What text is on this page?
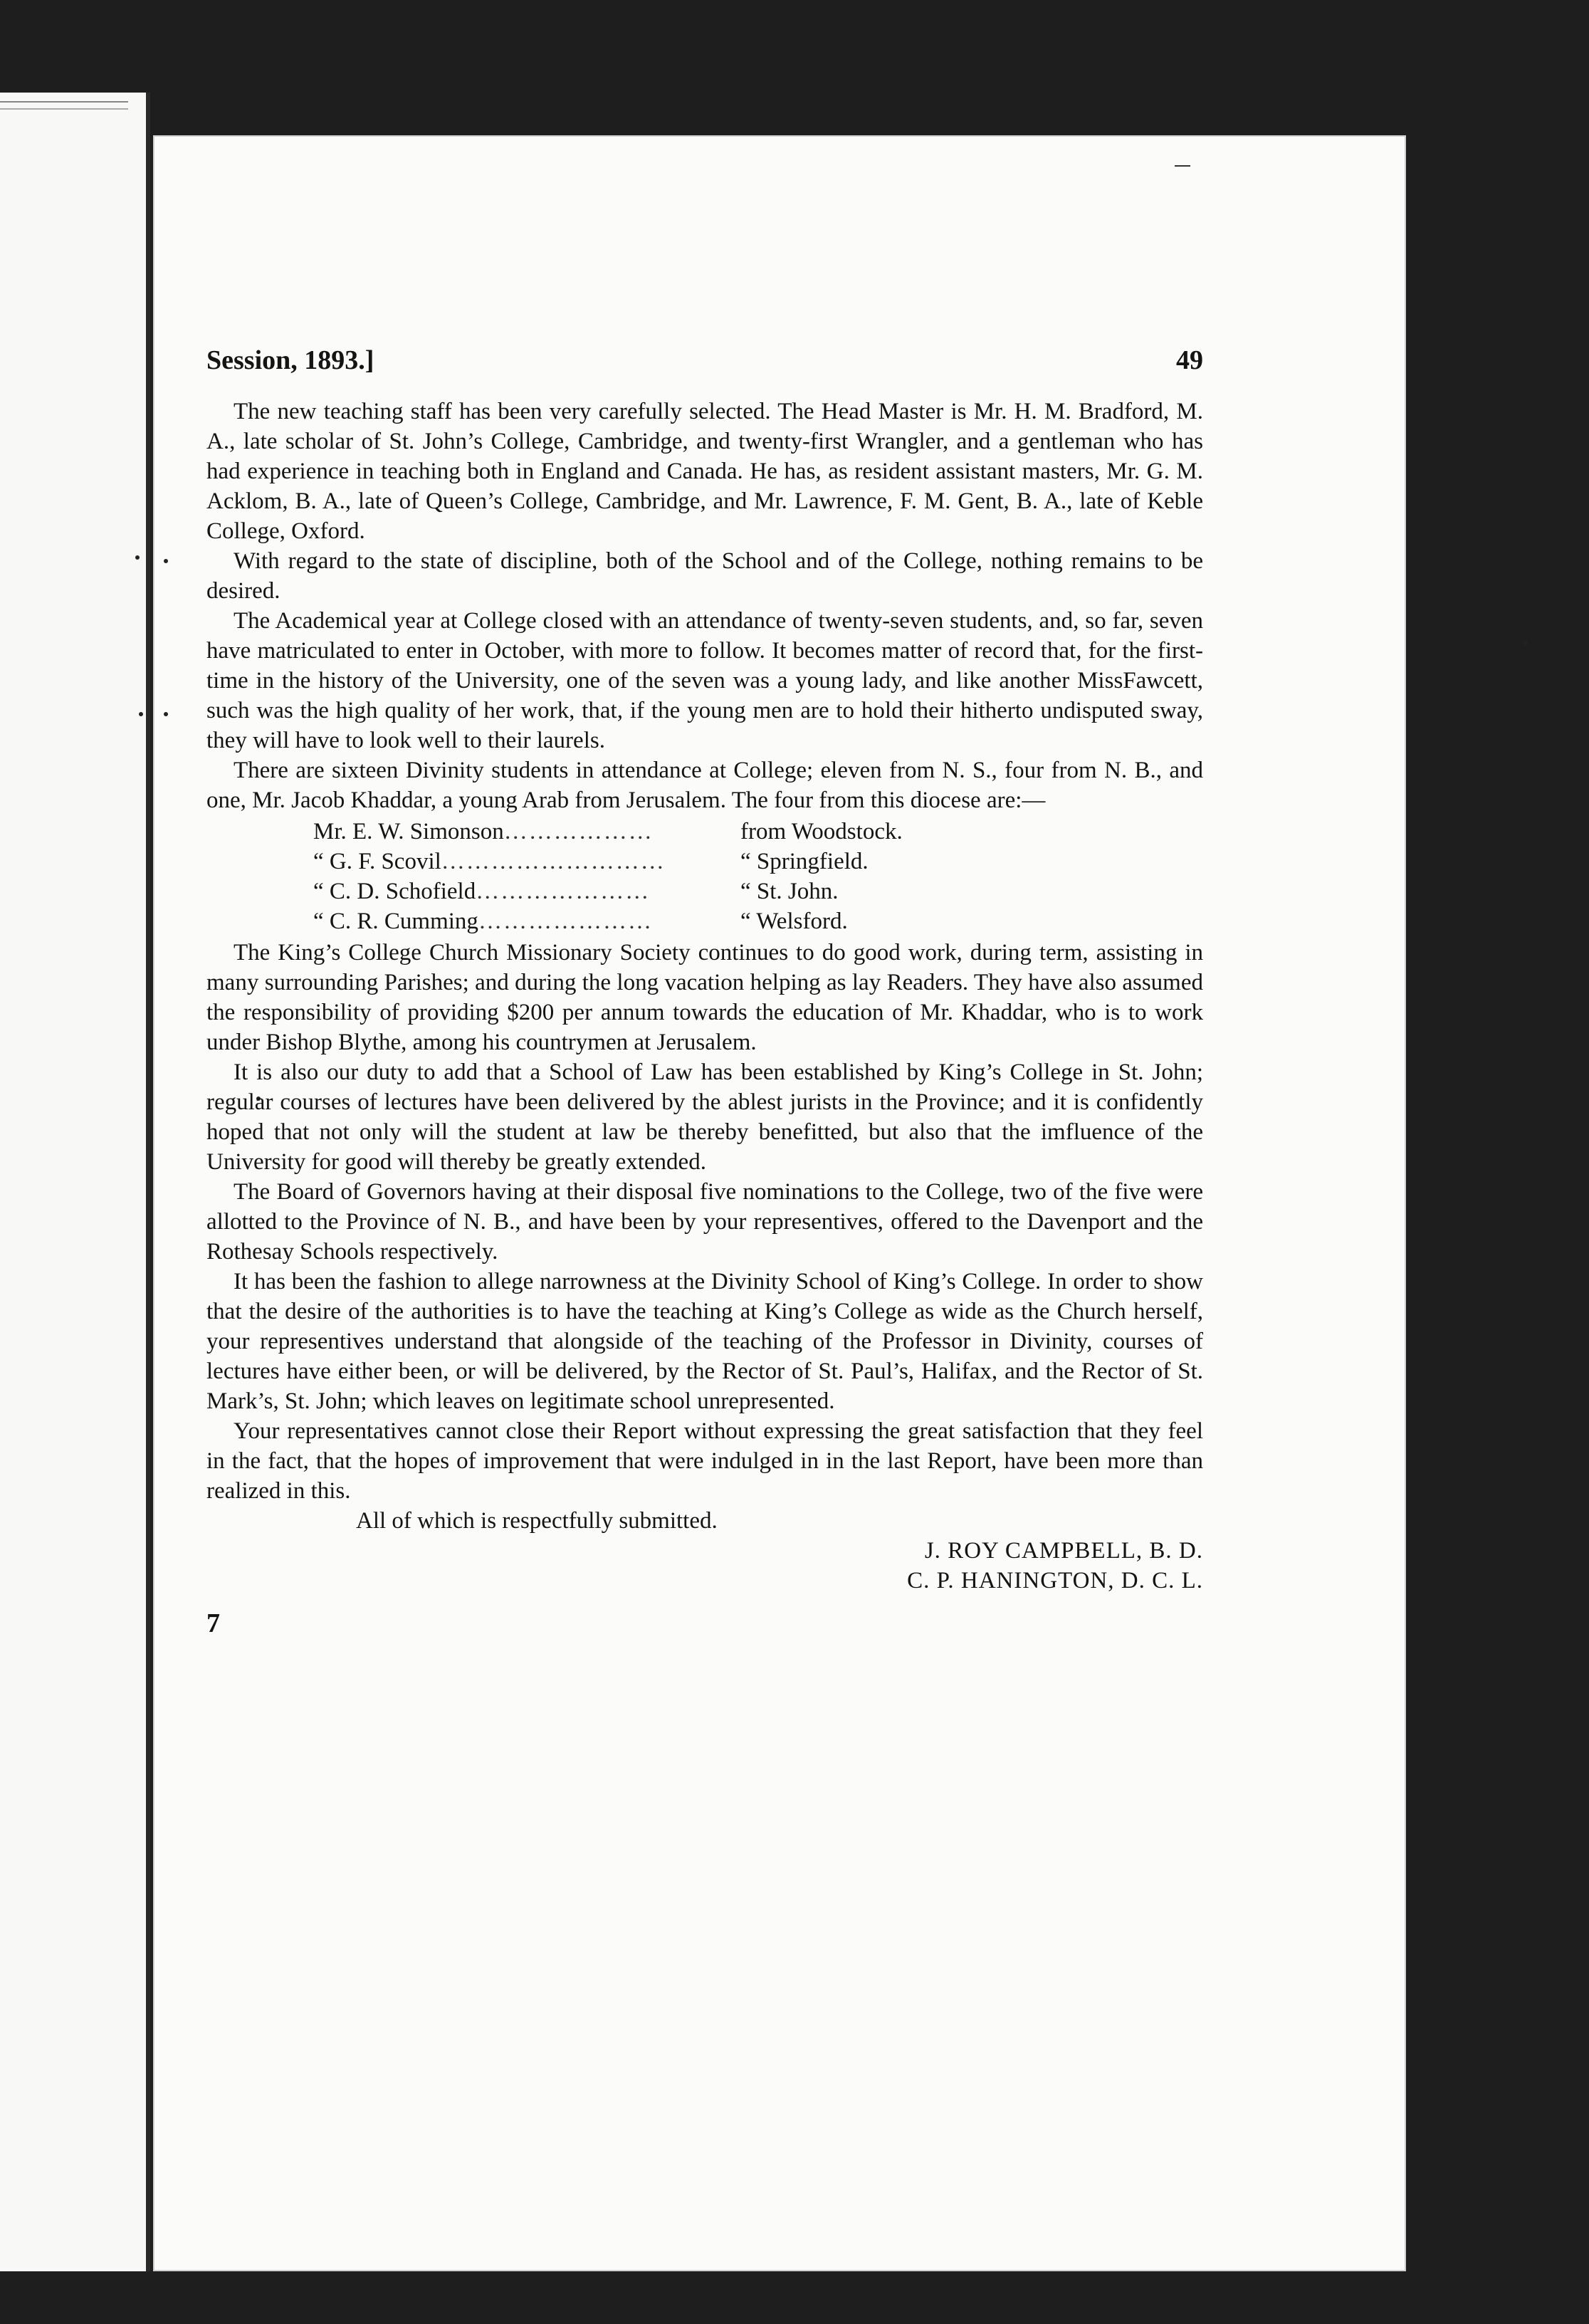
Session, 1893.]	49

The new teaching staff has been very carefully selected. The Head Master is Mr. H. M. Bradford, M. A., late scholar of St. John’s College, Cambridge, and twenty-first Wrangler, and a gentleman who has had experience in teaching both in England and Canada. He has, as resident assistant masters, Mr. G. M. Acklom, B. A., late of Queen’s College, Cambridge, and Mr. Lawrence, F. M. Gent, B. A., late of Keble College, Oxford.

With regard to the state of discipline, both of the School and of the College, nothing remains to be desired.

The Academical year at College closed with an attendance of twenty-seven students, and, so far, seven have matriculated to enter in October, with more to follow. It becomes matter of record that, for the first-time in the history of the University, one of the seven was a young lady, and like another MissFawcett, such was the high quality of her work, that, if the young men are to hold their hitherto undisputed sway, they will have to look well to their laurels.

There are sixteen Divinity students in attendance at College; eleven from N. S., four from N. B., and one, Mr. Jacob Khaddar, a young Arab from Jerusalem. The four from this diocese are:—

Mr. E. W. Simonson ………………	from Woodstock.
“ G. F. Scovil ………………………	“ Springfield.
“ C. D. Schofield …………………	“ St. John.
“ C. R. Cumming …………………	“ Welsford.

The King’s College Church Missionary Society continues to do good work, during term, assisting in many surrounding Parishes; and during the long vacation helping as lay Readers. They have also assumed the responsibility of providing $200 per annum towards the education of Mr. Khaddar, who is to work under Bishop Blythe, among his countrymen at Jerusalem.

It is also our duty to add that a School of Law has been established by King’s College in St. John; regular courses of lectures have been delivered by the ablest jurists in the Province; and it is confidently hoped that not only will the student at law be thereby benefitted, but also that the imfluence of the University for good will thereby be greatly extended.

The Board of Governors having at their disposal five nominations to the College, two of the five were allotted to the Province of N. B., and have been by your representives, offered to the Davenport and the Rothesay Schools respectively.

It has been the fashion to allege narrowness at the Divinity School of King’s College. In order to show that the desire of the authorities is to have the teaching at King’s College as wide as the Church herself, your representives understand that alongside of the teaching of the Professor in Divinity, courses of lectures have either been, or will be delivered, by the Rector of St. Paul’s, Halifax, and the Rector of St. Mark’s, St. John; which leaves on legitimate school unrepresented.

Your representatives cannot close their Report without expressing the great satisfaction that they feel in the fact, that the hopes of improvement that were indulged in in the last Report, have been more than realized in this.

All of which is respectfully submitted.

J. ROY CAMPBELL, B. D.

C. P. HANINGTON, D. C. L.

7
